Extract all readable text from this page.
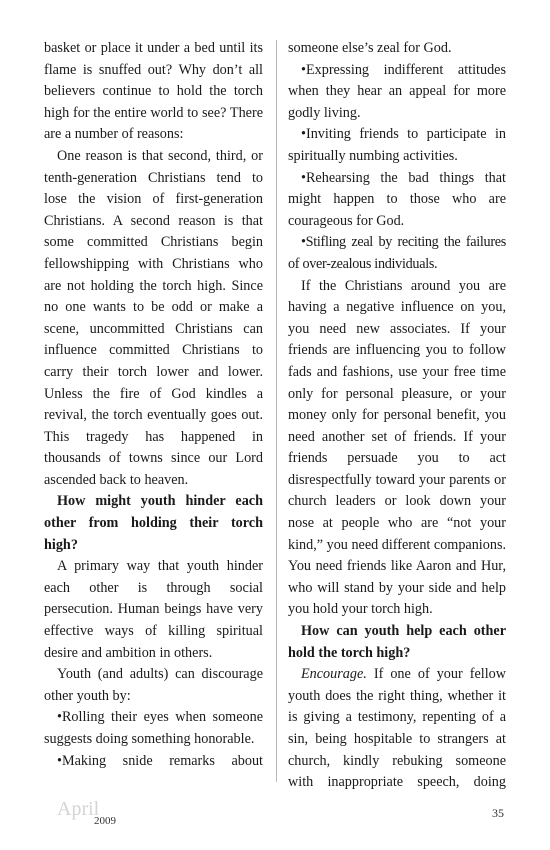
basket or place it under a bed until its flame is snuffed out? Why don’t all believers continue to hold the torch high for the entire world to see? There are a number of reasons:

One reason is that second, third, or tenth-generation Christians tend to lose the vision of first-generation Christians. A second reason is that some committed Christians begin fellowshipping with Christians who are not holding the torch high. Since no one wants to be odd or make a scene, uncommitted Christians can influence committed Christians to carry their torch lower and lower. Unless the fire of God kindles a revival, the torch eventually goes out. This tragedy has happened in thousands of towns since our Lord ascended back to heaven.

How might youth hinder each other from holding their torch high?

A primary way that youth hinder each other is through social persecution. Human beings have very effective ways of killing spiritual desire and ambition in others.

Youth (and adults) can discourage other youth by:

•Rolling their eyes when someone suggests doing something honorable.

•Making snide remarks about

someone else’s zeal for God.

•Expressing indifferent attitudes when they hear an appeal for more godly living.

•Inviting friends to participate in spiritually numbing activities.

•Rehearsing the bad things that might happen to those who are courageous for God.

•Stifling zeal by reciting the failures of over-zealous individuals.

If the Christians around you are having a negative influence on you, you need new associates. If your friends are influencing you to follow fads and fashions, use your free time only for personal pleasure, or your money only for personal benefit, you need another set of friends. If your friends persuade you to act disrespectfully toward your parents or church leaders or look down your nose at people who are “not your kind,” you need different companions. You need friends like Aaron and Hur, who will stand by your side and help you hold your torch high.

How can youth help each other hold the torch high?

Encourage. If one of your fellow youth does the right thing, whether it is giving a testimony, repenting of a sin, being hospitable to strangers at church, kindly rebuking someone with inappropriate speech, doing

April
2009
35
